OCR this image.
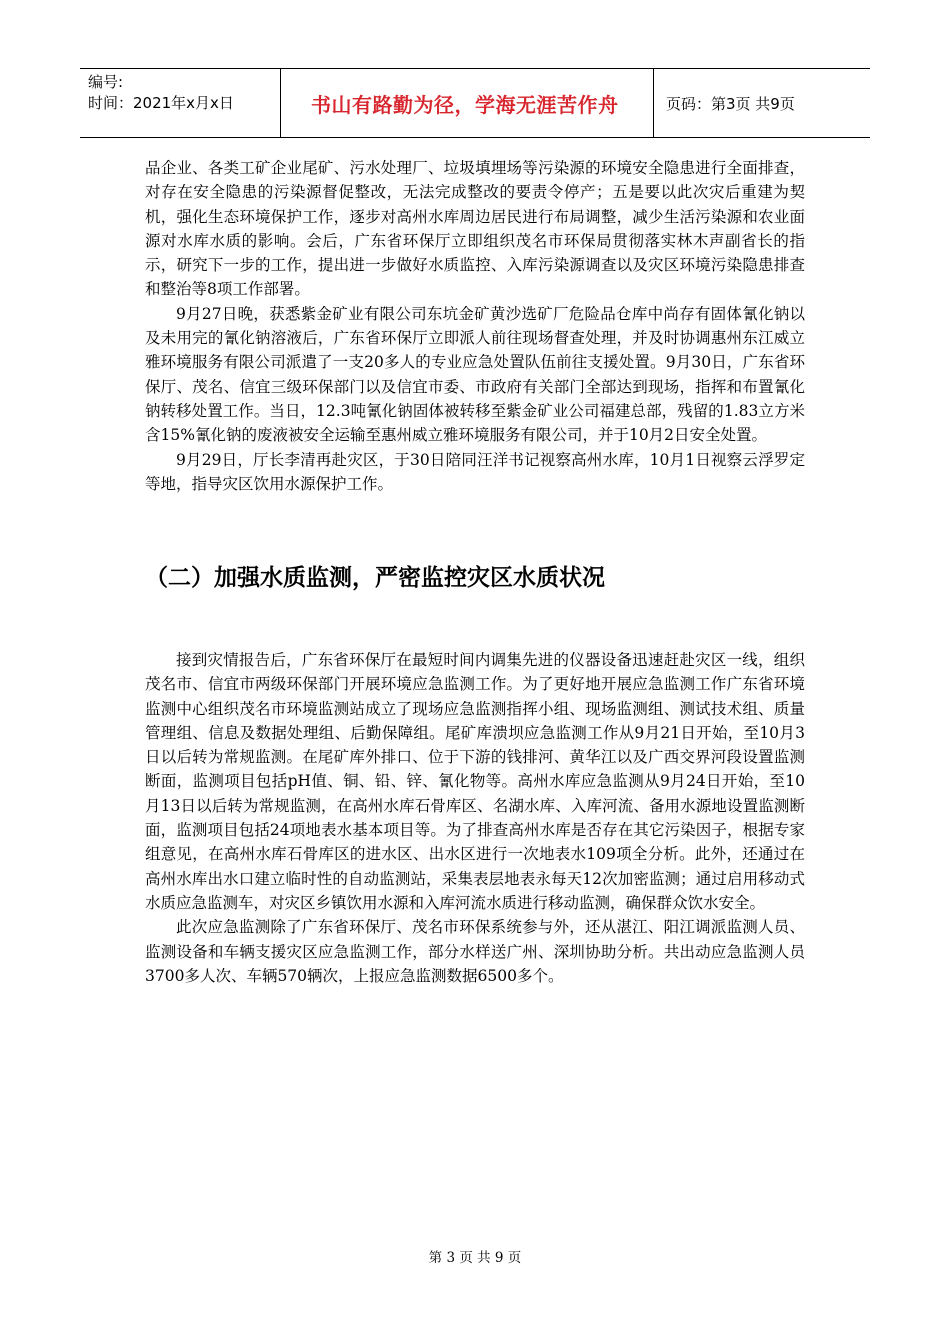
编号:
时间：2021年x月x日	书山有路勤为径，学海无涯苦作舟	页码：第3页 共9页

品企业、各类工矿企业尾矿、污水处理厂、垃圾填埋场等污染源的环境安全隐患进行全面排查，对存在安全隐患的污染源督促整改，无法完成整改的要责令停产；五是要以此次灾后重建为契机，强化生态环境保护工作，逐步对高州水库周边居民进行布局调整，减少生活污染源和农业面源对水库水质的影响。会后，广东省环保厅立即组织茂名市环保局贯彻落实林木声副省长的指示，研究下一步的工作，提出进一步做好水质监控、入库污染源调查以及灾区环境污染隐患排查和整治等8项工作部署。

9月27日晚，获悉紫金矿业有限公司东坑金矿黄沙选矿厂危险品仓库中尚存有固体氰化钠以及未用完的氰化钠溶液后，广东省环保厅立即派人前往现场督查处理，并及时协调惠州东江威立雅环境服务有限公司派遣了一支20多人的专业应急处置队伍前往支援处置。9月30日，广东省环保厅、茂名、信宜三级环保部门以及信宜市委、市政府有关部门全部达到现场，指挥和布置氰化钠转移处置工作。当日，12.3吨氰化钠固体被转移至紫金矿业公司福建总部，残留的1.83立方米含15%氰化钠的废液被安全运输至惠州威立雅环境服务有限公司，并于10月2日安全处置。

9月29日，厅长李清再赴灾区，于30日陪同汪洋书记视察高州水库，10月1日视察云浮罗定等地，指导灾区饮用水源保护工作。

（二）加强水质监测，严密监控灾区水质状况

接到灾情报告后，广东省环保厅在最短时间内调集先进的仪器设备迅速赶赴灾区一线，组织茂名市、信宜市两级环保部门开展环境应急监测工作。为了更好地开展应急监测工作广东省环境监测中心组织茂名市环境监测站成立了现场应急监测指挥小组、现场监测组、测试技术组、质量管理组、信息及数据处理组、后勤保障组。尾矿库溃坝应急监测工作从9月21日开始，至10月3日以后转为常规监测。在尾矿库外排口、位于下游的钱排河、黄华江以及广西交界河段设置监测断面，监测项目包括pH值、铜、铅、锌、氰化物等。高州水库应急监测从9月24日开始，至10月13日以后转为常规监测，在高州水库石骨库区、名湖水库、入库河流、备用水源地设置监测断面，监测项目包括24项地表水基本项目等。为了排查高州水库是否存在其它污染因子，根据专家组意见，在高州水库石骨库区的进水区、出水区进行一次地表水109项全分析。此外，还通过在高州水库出水口建立临时性的自动监测站，采集表层地表永每天12次加密监测；通过启用移动式水质应急监测车，对灾区乡镇饮用水源和入库河流水质进行移动监测，确保群众饮水安全。

此次应急监测除了广东省环保厅、茂名市环保系统参与外，还从湛江、阳江调派监测人员、监测设备和车辆支援灾区应急监测工作，部分水样送广州、深圳协助分析。共出动应急监测人员3700多人次、车辆570辆次，上报应急监测数据6500多个。

第 3 页 共 9 页
